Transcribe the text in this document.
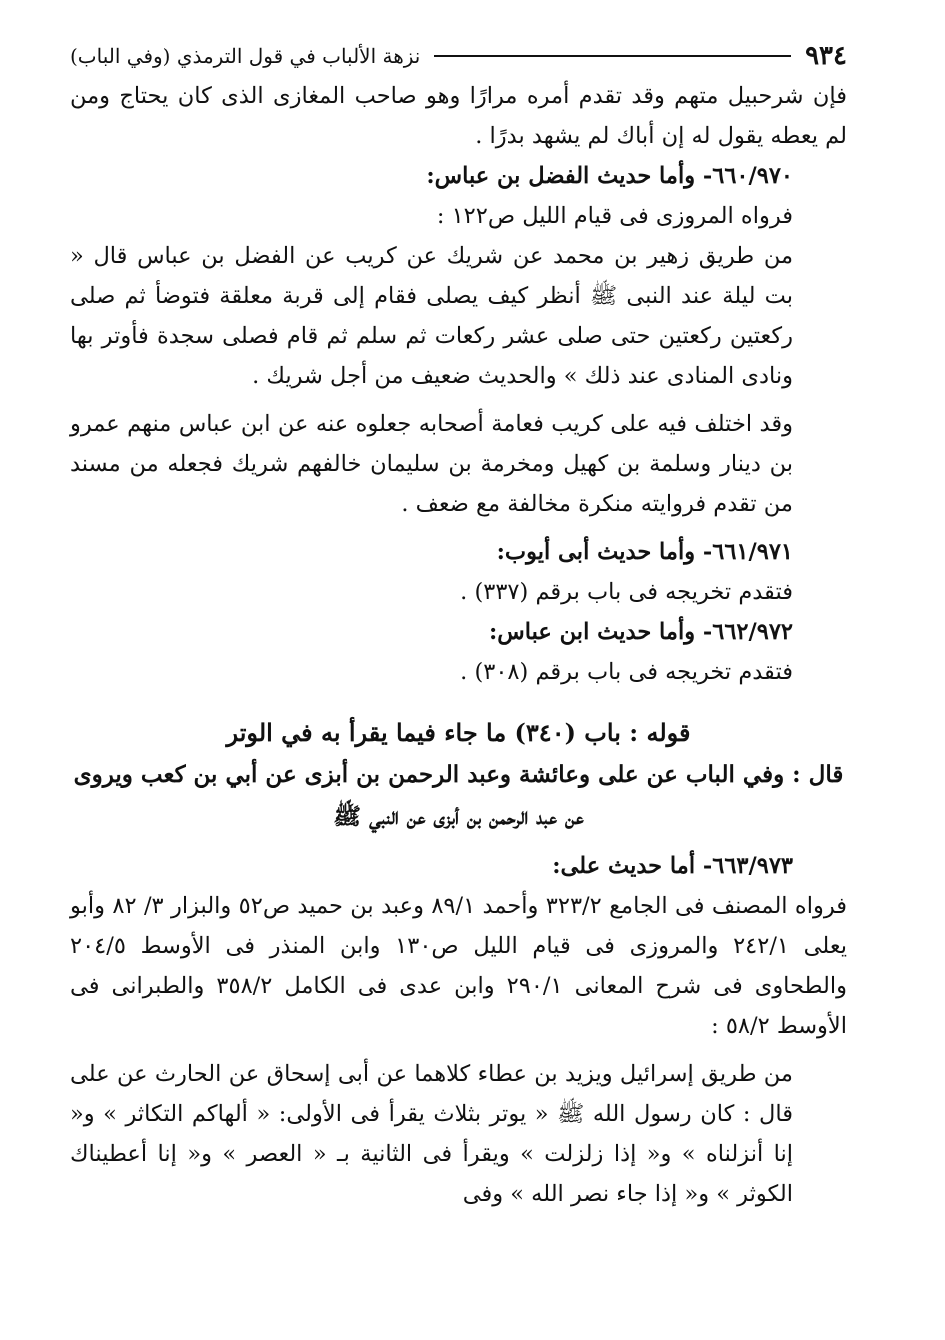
٩٣٤
نزهة الألباب في قول الترمذي (وفي الباب)

فإن شرحبيل متهم وقد تقدم أمره مرارًا وهو صاحب المغازى الذى كان يحتاج ومن لم يعطه يقول له إن أباك لم يشهد بدرًا .

٦٦٠/٩٧٠- وأما حديث الفضل بن عباس:

فرواه المروزى فى قيام الليل ص١٢٢ :

من طريق زهير بن محمد عن شريك عن كريب عن الفضل بن عباس قال « بت ليلة عند النبى ﷺ أنظر كيف يصلى فقام إلى قربة معلقة فتوضأ ثم صلى ركعتين ركعتين حتى صلى عشر ركعات ثم سلم ثم قام فصلى سجدة فأوتر بها ونادى المنادى عند ذلك » والحديث ضعيف من أجل شريك .

وقد اختلف فيه على كريب فعامة أصحابه جعلوه عنه عن ابن عباس منهم عمرو بن دينار وسلمة بن كهيل ومخرمة بن سليمان خالفهم شريك فجعله من مسند من تقدم فروايته منكرة مخالفة مع ضعف .

٦٦١/٩٧١- وأما حديث أبى أيوب:

فتقدم تخريجه فى باب برقم (٣٣٧) .

٦٦٢/٩٧٢- وأما حديث ابن عباس:

فتقدم تخريجه فى باب برقم (٣٠٨) .

قوله : باب (٣٤٠) ما جاء فيما يقرأ به في الوتر

قال : وفي الباب عن على وعائشة وعبد الرحمن بن أبزى عن أبي بن كعب ويروى
عن عبد الرحمن بن أبزى عن النبي ﷺ

٦٦٣/٩٧٣- أما حديث على:

فرواه المصنف فى الجامع ٣٢٣/٢ وأحمد ٨٩/١ وعبد بن حميد ص٥٢ والبزار ٣/ ٨٢ وأبو يعلى ٢٤٢/١ والمروزى فى قيام الليل ص١٣٠ وابن المنذر فى الأوسط ٢٠٤/٥ والطحاوى فى شرح المعانى ٢٩٠/١ وابن عدى فى الكامل ٣٥٨/٢ والطبرانى فى الأوسط ٥٨/٢ :

من طريق إسرائيل ويزيد بن عطاء كلاهما عن أبى إسحاق عن الحارث عن على قال : كان رسول الله ﷺ « يوتر بثلاث يقرأ فى الأولى: « ألهاكم التكاثر » و« إنا أنزلناه » و« إذا زلزلت » ويقرأ فى الثانية بـ « العصر » و« إنا أعطيناك الكوثر » و« إذا جاء نصر الله » وفى
